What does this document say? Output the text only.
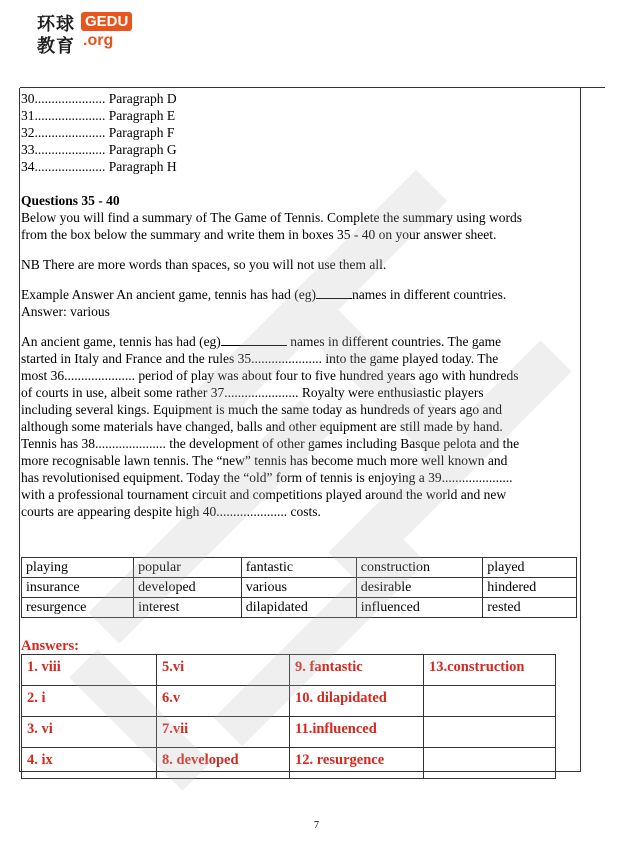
环球 GEDU
教育 .org
30..................... Paragraph D
31..................... Paragraph E
32..................... Paragraph F
33..................... Paragraph G
34..................... Paragraph H
Questions 35 - 40
Below you will find a summary of The Game of Tennis. Complete the summary using words
from the box below the summary and write them in boxes 35 - 40 on your answer sheet.
NB There are more words than spaces, so you will not use them all.
Example Answer An ancient game, tennis has had (eg)	names in different countries.
Answer: various
An ancient game, tennis has had (eg)	names in different countries. The game
started in Italy and France and the rules 35..................... into the game played today. The
most 36..................... period of play was about four to five hundred years ago with hundreds
of courts in use, albeit some rather 37...................... Royalty were enthusiastic players
including several kings. Equipment is much the same today as hundreds of years ago and
although some materials have changed, balls and other equipment are still made by hand.
Tennis has 38..................... the development of other games including Basque pelota and the
more recognisable lawn tennis. The “new” tennis has become much more well known and
has revolutionised equipment. Today the “old” form of tennis is enjoying a 39.....................
with a professional tournament circuit and competitions played around the world and new
courts are appearing despite high 40..................... costs.
playing	popular	fantastic	construction	played
insurance	developed	various	desirable	hindered
resurgence	interest	dilapidated	influenced	rested
Answers:
1. viii	5.vi	9. fantastic	13.construction
2. i	6.v	10. dilapidated	
3. vi	7.vii	11.influenced	
4. ix	8. developed	12. resurgence	
7
